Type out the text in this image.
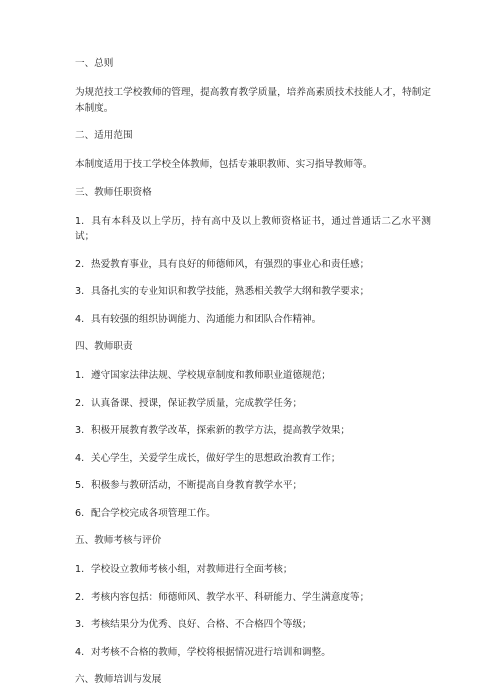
一、总则
为规范技工学校教师的管理，提高教育教学质量，培养高素质技术技能人才，特制定本制度。
二、适用范围
本制度适用于技工学校全体教师，包括专兼职教师、实习指导教师等。
三、教师任职资格
1. 具有本科及以上学历，持有高中及以上教师资格证书，通过普通话二乙水平测试；
2. 热爱教育事业，具有良好的师德师风，有强烈的事业心和责任感；
3. 具备扎实的专业知识和教学技能，熟悉相关教学大纲和教学要求；
4. 具有较强的组织协调能力、沟通能力和团队合作精神。
四、教师职责
1. 遵守国家法律法规、学校规章制度和教师职业道德规范；
2. 认真备课、授课，保证教学质量，完成教学任务；
3. 积极开展教育教学改革，探索新的教学方法，提高教学效果；
4. 关心学生，关爱学生成长，做好学生的思想政治教育工作；
5. 积极参与教研活动，不断提高自身教育教学水平；
6. 配合学校完成各项管理工作。
五、教师考核与评价
1. 学校设立教师考核小组，对教师进行全面考核；
2. 考核内容包括：师德师风、教学水平、科研能力、学生满意度等；
3. 考核结果分为优秀、良好、合格、不合格四个等级；
4. 对考核不合格的教师，学校将根据情况进行培训和调整。
六、教师培训与发展
